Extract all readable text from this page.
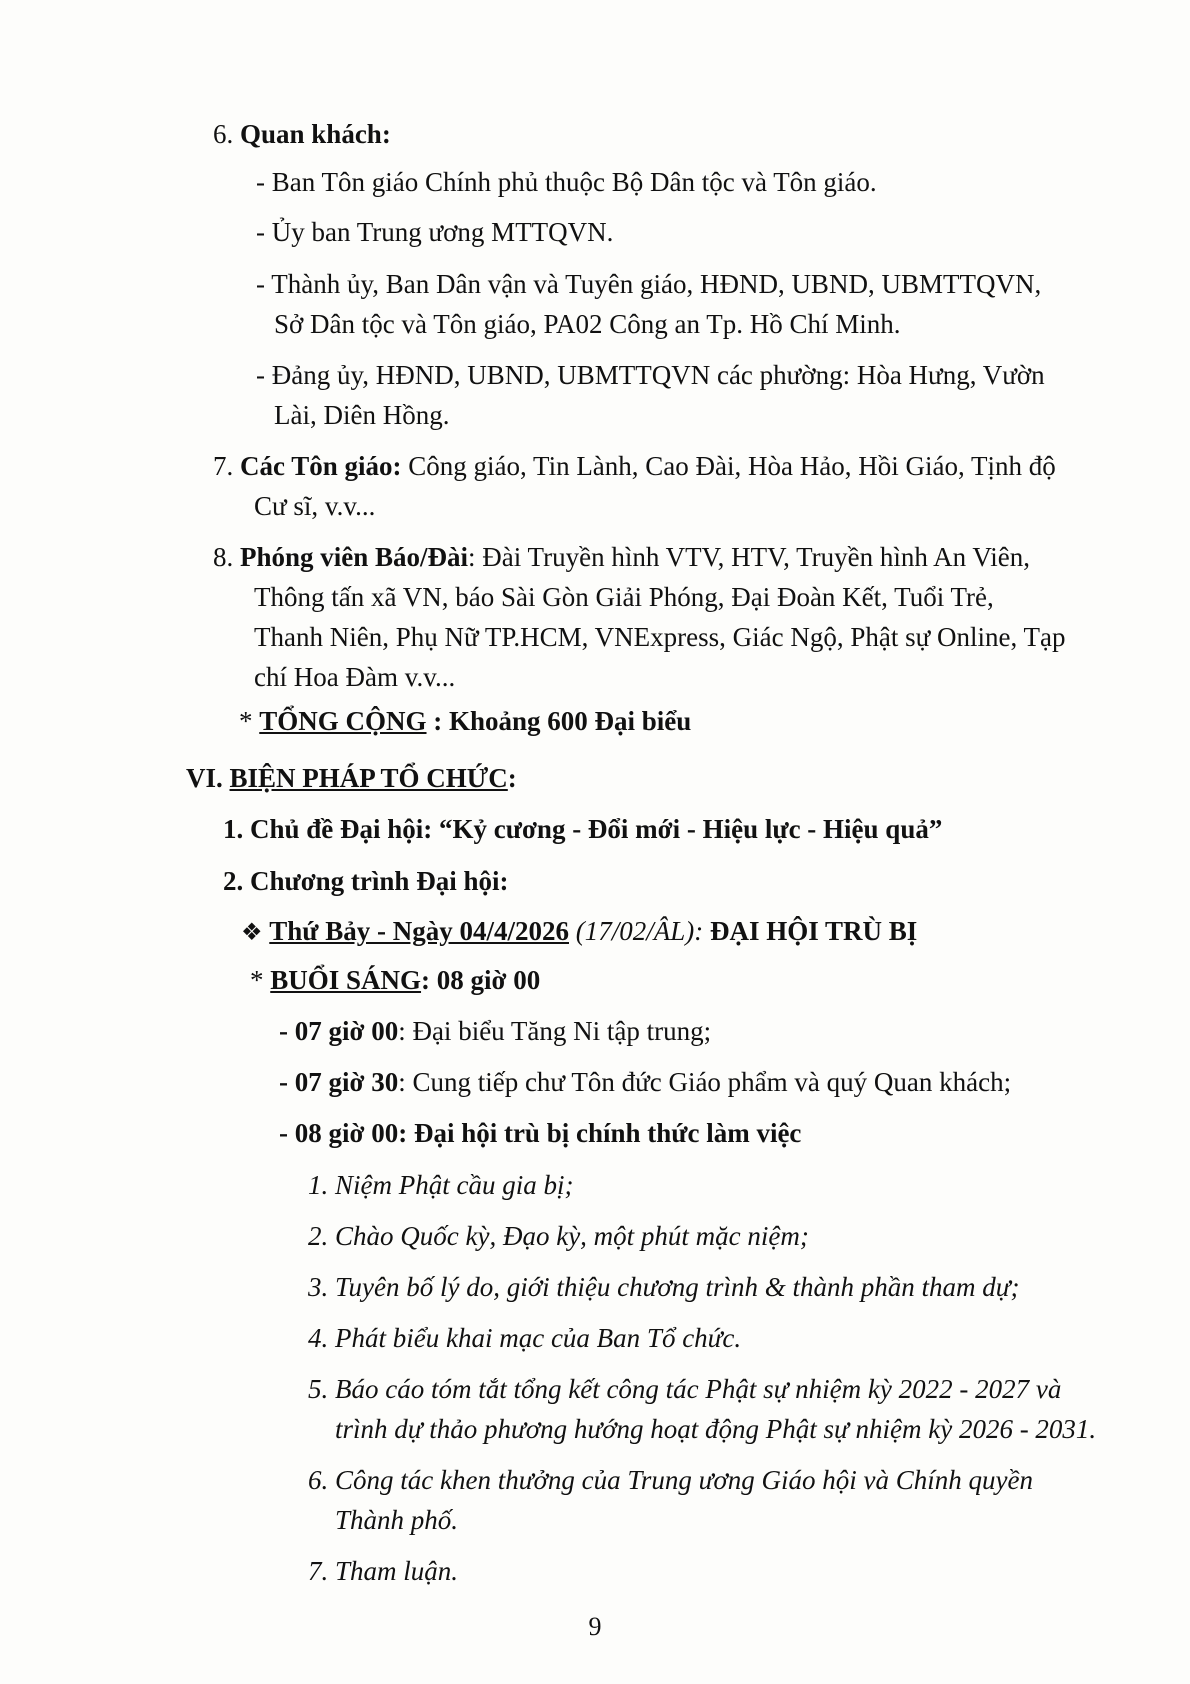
6. Quan khách:
- Ban Tôn giáo Chính phủ thuộc Bộ Dân tộc và Tôn giáo.
- Ủy ban Trung ương MTTQVN.
- Thành ủy, Ban Dân vận và Tuyên giáo, HĐND, UBND, UBMTTQVN,
Sở Dân tộc và Tôn giáo, PA02 Công an Tp. Hồ Chí Minh.
- Đảng ủy, HĐND, UBND, UBMTTQVN các phường: Hòa Hưng, Vườn
Lài, Diên Hồng.
7. Các Tôn giáo: Công giáo, Tin Lành, Cao Đài, Hòa Hảo, Hồi Giáo, Tịnh độ
Cư sĩ, v.v...
8. Phóng viên Báo/Đài: Đài Truyền hình VTV, HTV, Truyền hình An Viên,
Thông tấn xã VN, báo Sài Gòn Giải Phóng, Đại Đoàn Kết, Tuổi Trẻ,
Thanh Niên, Phụ Nữ TP.HCM, VNExpress, Giác Ngộ, Phật sự Online, Tạp
chí Hoa Đàm v.v...
* TỔNG CỘNG : Khoảng 600 Đại biểu
VI. BIỆN PHÁP TỔ CHỨC:
1. Chủ đề Đại hội: “Kỷ cương - Đổi mới - Hiệu lực - Hiệu quả”
2. Chương trình Đại hội:
❖ Thứ Bảy - Ngày 04/4/2026 (17/02/ÂL): ĐẠI HỘI TRÙ BỊ
* BUỔI SÁNG: 08 giờ 00
- 07 giờ 00: Đại biểu Tăng Ni tập trung;
- 07 giờ 30: Cung tiếp chư Tôn đức Giáo phẩm và quý Quan khách;
- 08 giờ 00: Đại hội trù bị chính thức làm việc
1. Niệm Phật cầu gia bị;
2. Chào Quốc kỳ, Đạo kỳ, một phút mặc niệm;
3. Tuyên bố lý do, giới thiệu chương trình & thành phần tham dự;
4. Phát biểu khai mạc của Ban Tổ chức.
5. Báo cáo tóm tắt tổng kết công tác Phật sự nhiệm kỳ 2022 - 2027 và
trình dự thảo phương hướng hoạt động Phật sự nhiệm kỳ 2026 - 2031.
6. Công tác khen thưởng của Trung ương Giáo hội và Chính quyền
Thành phố.
7. Tham luận.
9
